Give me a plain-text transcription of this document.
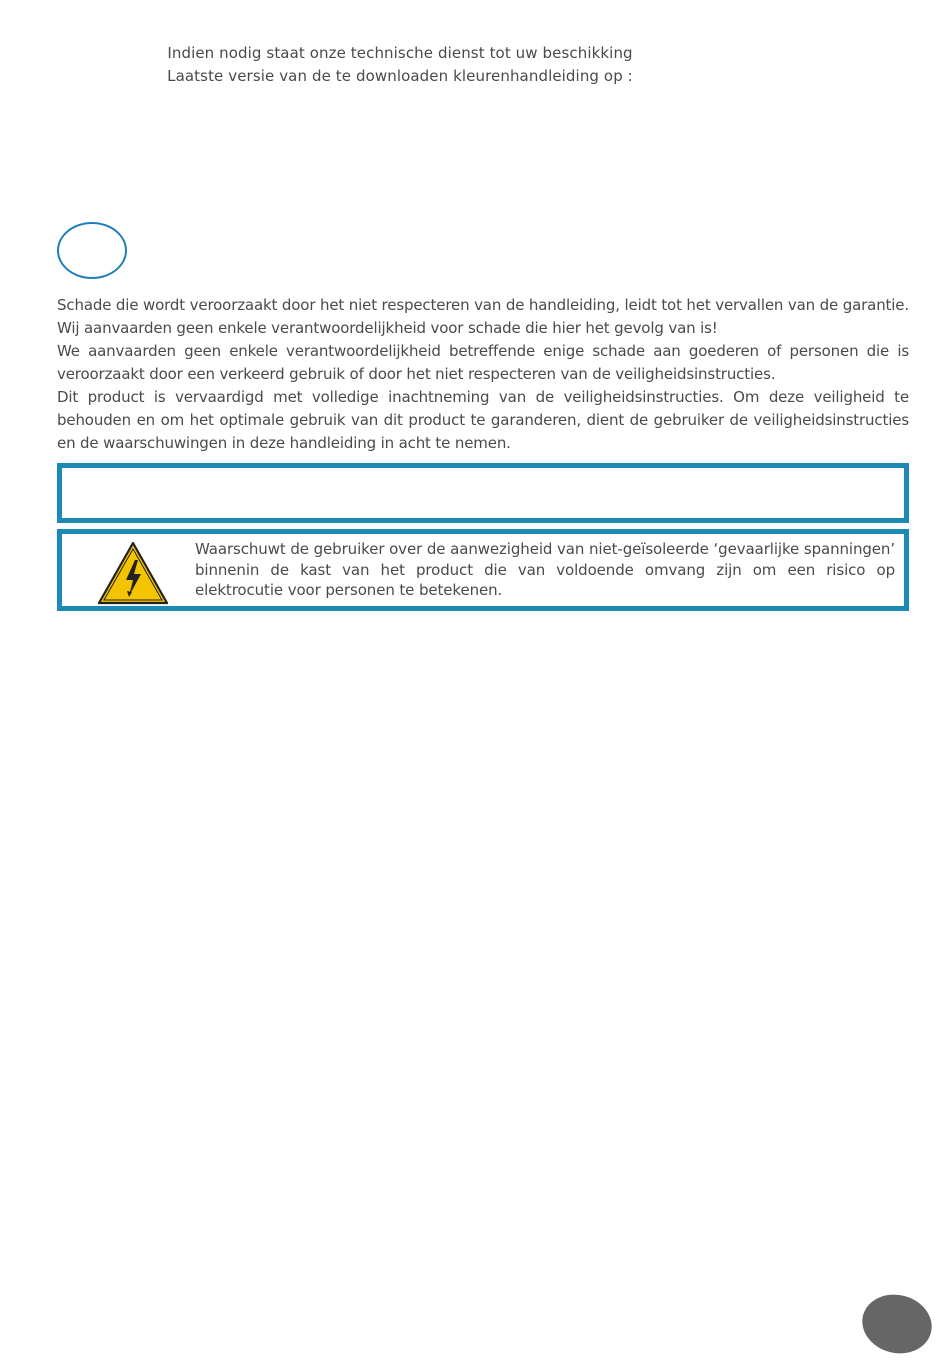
Indien nodig staat onze technische dienst tot uw beschikking
Laatste versie van de te downloaden kleurenhandleiding op :

Schade die wordt veroorzaakt door het niet respecteren van de handleiding, leidt tot het vervallen van de garantie. Wij aanvaarden geen enkele verantwoordelijkheid voor schade die hier het gevolg van is!

We aanvaarden geen enkele verantwoordelijkheid betreffende enige schade aan goederen of personen die is veroorzaakt door een verkeerd gebruik of door het niet respecteren van de veiligheidsinstructies.

Dit product is vervaardigd met volledige inachtneming van de veiligheidsinstructies. Om deze veiligheid te behouden en om het optimale gebruik van dit product te garanderen, dient de gebruiker de veiligheidsinstructies en de waarschuwingen in deze handleiding in acht te nemen.

Waarschuwt de gebruiker over de aanwezigheid van niet-geïsoleerde ‘gevaarlijke spanningen’ binnenin de kast van het product die van voldoende omvang zijn om een risico op elektrocutie voor personen te betekenen.
